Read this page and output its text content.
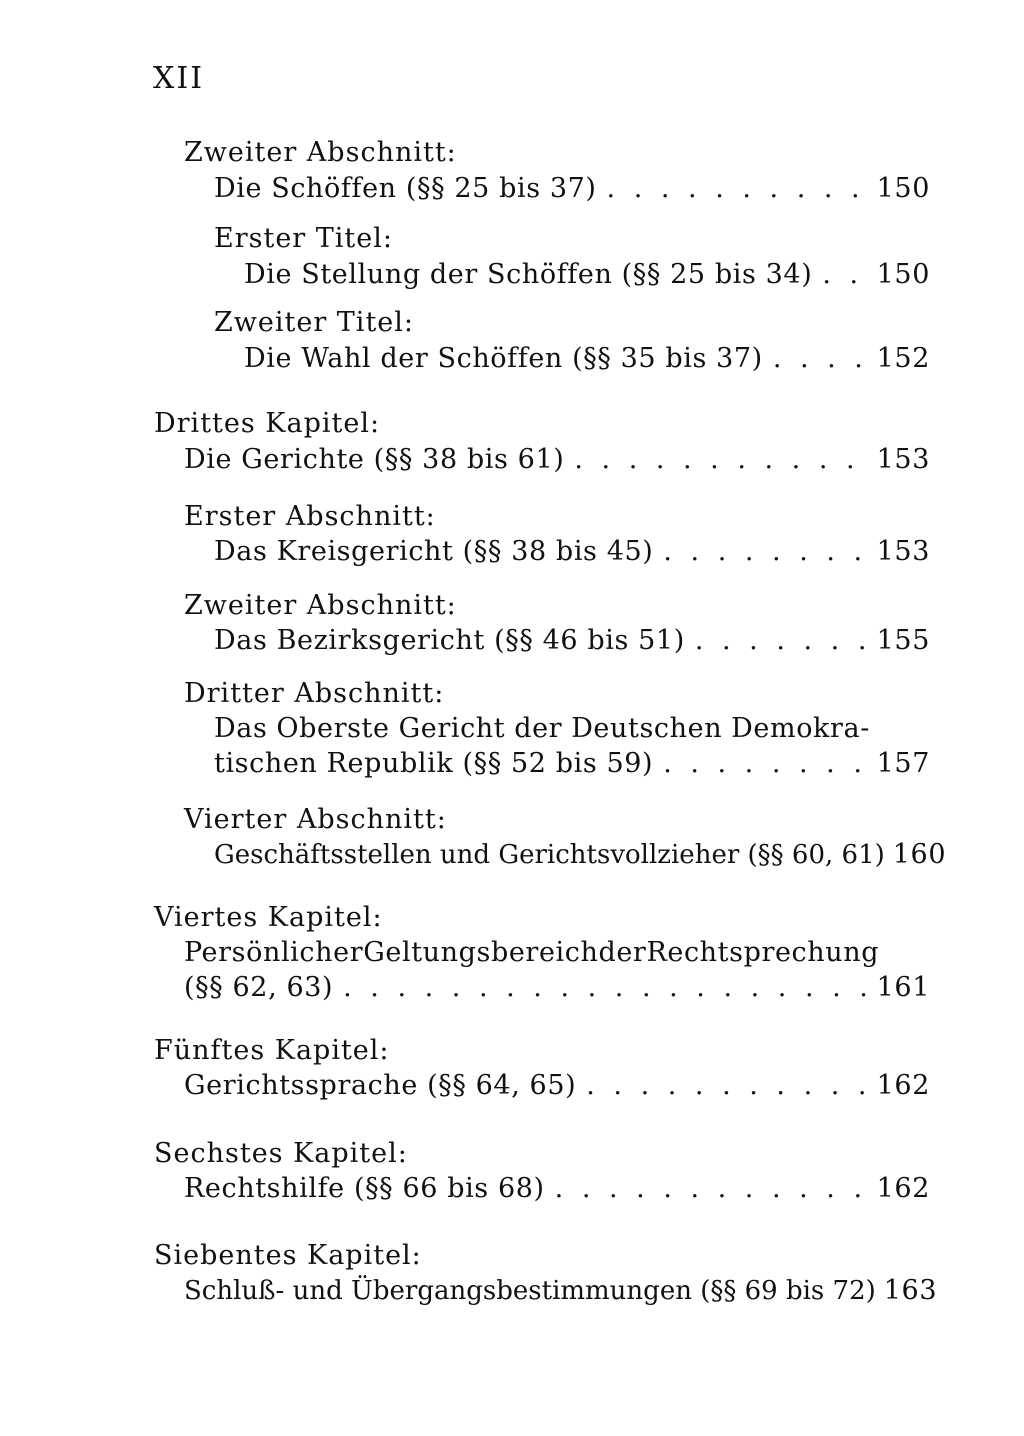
XII
Zweiter Abschnitt:
Die Schöffen (§§ 25 bis 37) . . .	150
Erster Titel:
Die Stellung der Schöffen (§§ 25 bis 34) . . . 150
Zweiter Titel:
Die Wahl der Schöffen (§§ 35 bis 37) . . .	152
Drittes Kapitel:
Die Gerichte (§§ 38 bis 61) . . .	153
Erster Abschnitt:
Das Kreisgericht (§§ 38 bis 45) . . .	153
Zweiter Abschnitt:
Das Bezirksgericht (§§ 46 bis 51) . . .	155
Dritter Abschnitt:
Das Oberste Gericht der Deutschen Demokra-
tischen Republik (§§ 52 bis 59) . . .	157
Vierter Abschnitt:
Geschäftsstellen und Gerichtsvollzieher (§§ 60, 61) 160
Viertes Kapitel:
Persönlicher Geltungsbereich der Rechtsprechung
(§§ 62, 63) . . .	161
Fünftes Kapitel:
Gerichtssprache (§§ 64, 65) . . .	162
Sechstes Kapitel:
Rechtshilfe (§§ 66 bis 68) . . .	162
Siebentes Kapitel:
Schluß- und Übergangsbestimmungen (§§ 69 bis 72) 163
